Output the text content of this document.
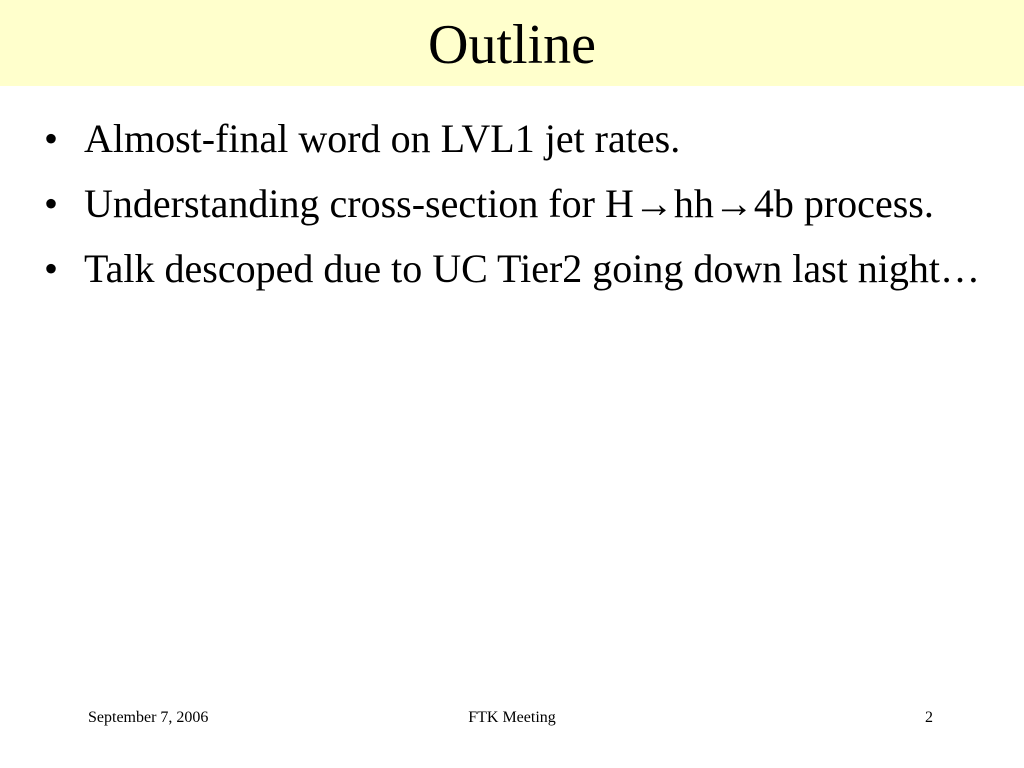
Outline
• Almost-final word on LVL1 jet rates.
• Understanding cross-section for H→hh→4b process.
• Talk descoped due to UC Tier2 going down last night…
September 7, 2006	FTK Meeting	2
